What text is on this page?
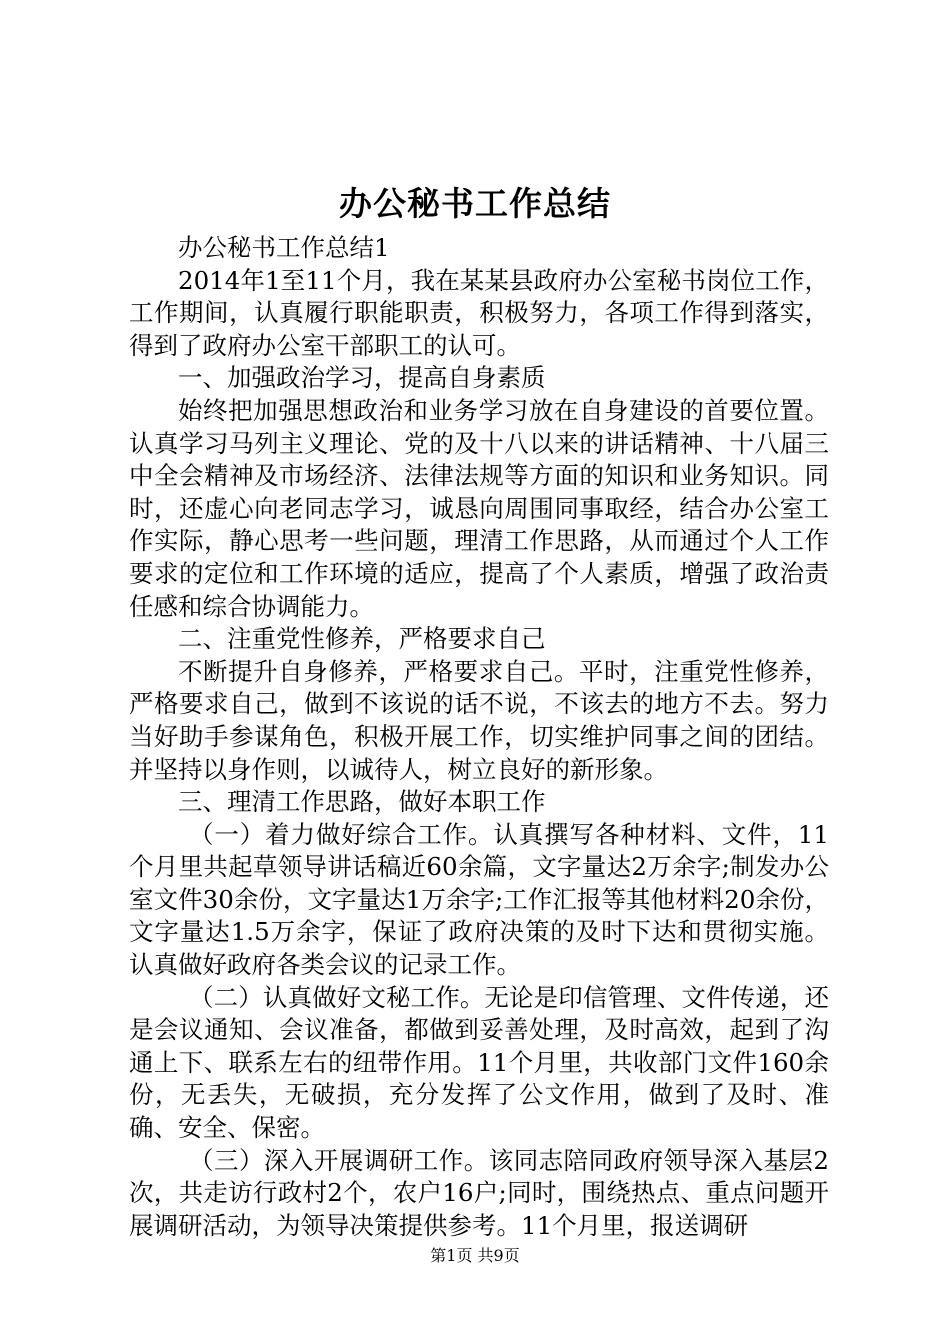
办公秘书工作总结

办公秘书工作总结1

2014年1至11个月，我在某某县政府办公室秘书岗位工作，工作期间，认真履行职能职责，积极努力，各项工作得到落实，得到了政府办公室干部职工的认可。

一、加强政治学习，提高自身素质

始终把加强思想政治和业务学习放在自身建设的首要位置。认真学习马列主义理论、党的及十八以来的讲话精神、十八届三中全会精神及市场经济、法律法规等方面的知识和业务知识。同时，还虚心向老同志学习，诚恳向周围同事取经，结合办公室工作实际，静心思考一些问题，理清工作思路，从而通过个人工作要求的定位和工作环境的适应，提高了个人素质，增强了政治责任感和综合协调能力。

二、注重党性修养，严格要求自己

不断提升自身修养，严格要求自己。平时，注重党性修养，严格要求自己，做到不该说的话不说，不该去的地方不去。努力当好助手参谋角色，积极开展工作，切实维护同事之间的团结。并坚持以身作则，以诚待人，树立良好的新形象。

三、理清工作思路，做好本职工作

（一）着力做好综合工作。认真撰写各种材料、文件，11个月里共起草领导讲话稿近60余篇，文字量达2万余字;制发办公室文件30余份，文字量达1万余字;工作汇报等其他材料20余份，文字量达1.5万余字，保证了政府决策的及时下达和贯彻实施。认真做好政府各类会议的记录工作。

（二）认真做好文秘工作。无论是印信管理、文件传递，还是会议通知、会议准备，都做到妥善处理，及时高效，起到了沟通上下、联系左右的纽带作用。11个月里，共收部门文件160余份，无丢失，无破损，充分发挥了公文作用，做到了及时、准确、安全、保密。

（三）深入开展调研工作。该同志陪同政府领导深入基层2次，共走访行政村2个，农户16户;同时，围绕热点、重点问题开展调研活动，为领导决策提供参考。11个月里，报送调研

第1页 共9页
